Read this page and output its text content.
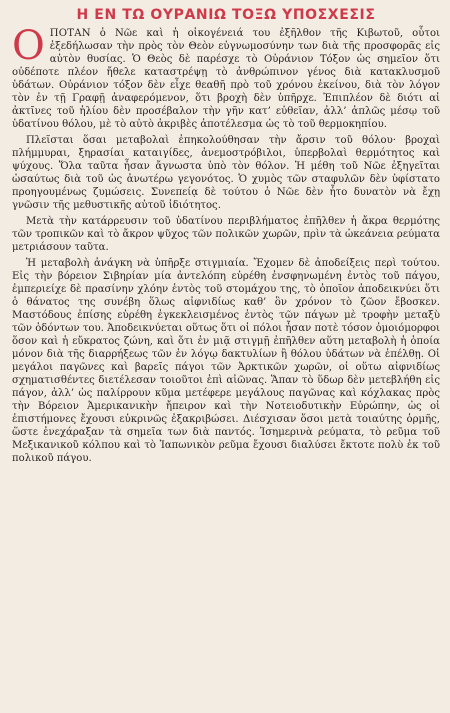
Η ΕΝ ΤΩ ΟΥΡΑΝΙΩ ΤΟΞΩ ΥΠΟΣΧΕΣΙΣ

ΟΠΟΤΑΝ ὁ Νῶε καὶ ἡ οἰκογένειά του ἐξῆλθον τῆς Κιβωτοῦ, οὗτοι ἐξεδήλωσαν τὴν πρὸς τὸν Θεὸν εὐγνωμοσύνην των διὰ τῆς προσφορᾶς εἰς αὐτὸν θυσίας. Ὁ Θεὸς δὲ παρέσχε τὸ Οὐράνιον Τόξον ὡς σημεῖον ὅτι οὐδέποτε πλέον ἤθελε καταστρέψῃ τὸ ἀνθρώπινον γένος διὰ κατακλυσμοῦ ὑδάτων. Οὐράνιον τόξον δὲν εἶχε θεαθῆ πρὸ τοῦ χρόνου ἐκείνου, διὰ τὸν λόγον τὸν ἐν τῇ Γραφῇ ἀναφερόμενον, ὅτι βροχὴ δὲν ὑπῆρχε. Ἐπιπλέον δὲ διότι αἱ ἀκτῖνες τοῦ ἡλίου δὲν προσέβαλον τὴν γῆν κατ’ εὐθεῖαν, ἀλλ’ ἁπλῶς μέσῳ τοῦ ὑδατίνου θόλου, μὲ τὸ αὐτὸ ἀκριβὲς ἀποτέλεσμα ὡς τὸ τοῦ θερμοκηπίου.

Πλεῖσται ὅσαι μεταβολαὶ ἐπηκολούθησαν τὴν ἄρσιν τοῦ θόλου· βροχαὶ πλήμμυραι, ξηρασίαι καταιγίδες, ἀνεμοστρόβιλοι, ὑπερβολαὶ θερμότητος καὶ ψύχους. Ὅλα ταῦτα ἦσαν ἄγνωστα ὑπὸ τὸν θόλον. Ἡ μέθη τοῦ Νῶε ἐξηγεῖται ὡσαύτως διὰ τοῦ ὡς ἀνωτέρω γεγονότος. Ὁ χυμὸς τῶν σταφυλῶν δὲν ὑφίστατο προηγουμένως ζυμώσεις. Συνεπείᾳ δὲ τούτου ὁ Νῶε δὲν ἦτο δυνατὸν νὰ ἔχῃ γνῶσιν τῆς μεθυστικῆς αὐτοῦ ἰδιότητος.

Μετὰ τὴν κατάρρευσιν τοῦ ὑδατίνου περιβλήματος ἐπῆλθεν ἡ ἄκρα θερμότης τῶν τροπικῶν καὶ τὸ ἄκρον ψῦχος τῶν πολικῶν χωρῶν, πρὶν τὰ ὠκεάνεια ρεύματα μετριάσουν ταῦτα.

Ἡ μεταβολὴ ἀνάγκη νὰ ὑπῆρξε στιγμιαία. Ἔχομεν δὲ ἀποδείξεις περὶ τούτου. Εἰς τὴν βόρειον Σιβηρίαν μία ἀντελόπη εὑρέθη ἐνσφηνωμένη ἐντὸς τοῦ πάγου, ἐμπεριείχε δὲ πρασίνην χλόην ἐντὸς τοῦ στομάχου της, τὸ ὁποῖον ἀποδεικνύει ὅτι ὁ θάνατος της συνέβη ὅλως αἰφνιδίως καθ’ ὃν χρόνον τὸ ζῶον ἔβοσκεν. Μαστόδους ἐπίσης εὑρέθη ἐγκεκλεισμένος ἐντὸς τῶν πάγων μὲ τροφὴν μεταξὺ τῶν ὀδόντων του. Ἀποδεικνύεται οὕτως ὅτι οἱ πόλοι ἦσαν ποτὲ τόσον ὁμοιόμορφοι ὅσον καὶ ἡ εὔκρατος ζώνη, καὶ ὅτι ἐν μιᾷ στιγμῇ ἐπῆλθεν αὕτη μεταβολὴ ἡ ὁποία μόνον διὰ τῆς διαρρήξεως τῶν ἐν λόγῳ δακτυλίων ἢ θόλου ὑδάτων νὰ ἐπέλθῃ. Οἱ μεγάλοι παγῶνες καὶ βαρεῖς πάγοι τῶν Ἀρκτικῶν χωρῶν, οἱ οὕτω αἰφνιδίως σχηματισθέντες διετέλεσαν τοιοῦτοι ἐπὶ αἰῶνας. Ἅπαν τὸ ὕδωρ δὲν μετεβλήθη εἰς πάγον, ἀλλ’ ὡς παλίρρουν κῦμα μετέφερε μεγάλους παγῶνας καὶ κόχλακας πρὸς τὴν Βόρειον Ἀμερικανικὴν ἤπειρον καὶ τὴν Νοτειοδυτικὴν Εὐρώπην, ὡς οἱ ἐπιστήμονες ἔχουσι εὐκρινῶς ἐξακριβώσει. Διέσχισαν ὅσοι μετὰ τοιαύτης ὁρμῆς, ὥστε ἐνεχάραξαν τὰ σημεῖα των διὰ παντός. Ἰσημερινὰ ρεύματα, τὸ ρεῦμα τοῦ Μεξικανικοῦ κόλπου καὶ τὸ Ἰαπωνικὸν ρεῦμα ἔχουσι διαλύσει ἔκτοτε πολὺ ἐκ τοῦ πολικοῦ πάγου.
